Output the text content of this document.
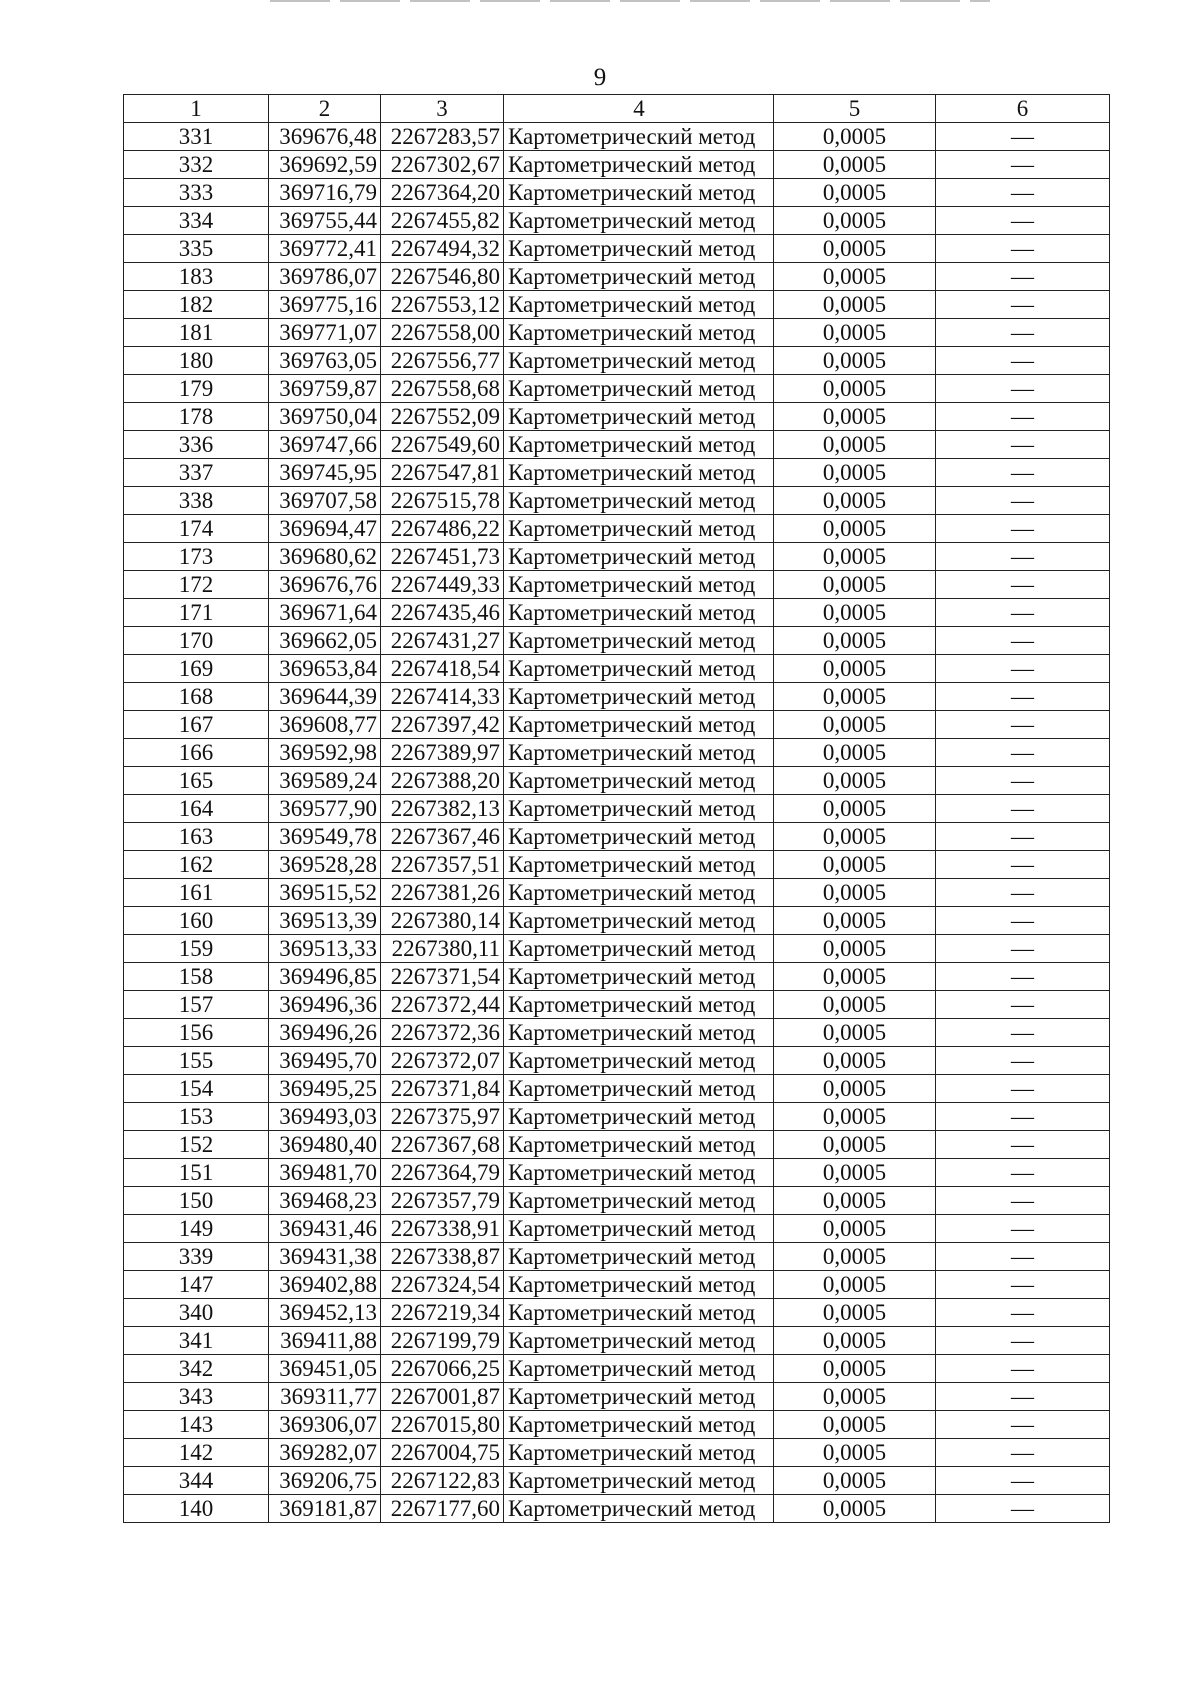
9
1	2	3	4	5	6
331	369676,48	2267283,57	Картометрический метод	0,0005	—
332	369692,59	2267302,67	Картометрический метод	0,0005	—
333	369716,79	2267364,20	Картометрический метод	0,0005	—
334	369755,44	2267455,82	Картометрический метод	0,0005	—
335	369772,41	2267494,32	Картометрический метод	0,0005	—
183	369786,07	2267546,80	Картометрический метод	0,0005	—
182	369775,16	2267553,12	Картометрический метод	0,0005	—
181	369771,07	2267558,00	Картометрический метод	0,0005	—
180	369763,05	2267556,77	Картометрический метод	0,0005	—
179	369759,87	2267558,68	Картометрический метод	0,0005	—
178	369750,04	2267552,09	Картометрический метод	0,0005	—
336	369747,66	2267549,60	Картометрический метод	0,0005	—
337	369745,95	2267547,81	Картометрический метод	0,0005	—
338	369707,58	2267515,78	Картометрический метод	0,0005	—
174	369694,47	2267486,22	Картометрический метод	0,0005	—
173	369680,62	2267451,73	Картометрический метод	0,0005	—
172	369676,76	2267449,33	Картометрический метод	0,0005	—
171	369671,64	2267435,46	Картометрический метод	0,0005	—
170	369662,05	2267431,27	Картометрический метод	0,0005	—
169	369653,84	2267418,54	Картометрический метод	0,0005	—
168	369644,39	2267414,33	Картометрический метод	0,0005	—
167	369608,77	2267397,42	Картометрический метод	0,0005	—
166	369592,98	2267389,97	Картометрический метод	0,0005	—
165	369589,24	2267388,20	Картометрический метод	0,0005	—
164	369577,90	2267382,13	Картометрический метод	0,0005	—
163	369549,78	2267367,46	Картометрический метод	0,0005	—
162	369528,28	2267357,51	Картометрический метод	0,0005	—
161	369515,52	2267381,26	Картометрический метод	0,0005	—
160	369513,39	2267380,14	Картометрический метод	0,0005	—
159	369513,33	2267380,11	Картометрический метод	0,0005	—
158	369496,85	2267371,54	Картометрический метод	0,0005	—
157	369496,36	2267372,44	Картометрический метод	0,0005	—
156	369496,26	2267372,36	Картометрический метод	0,0005	—
155	369495,70	2267372,07	Картометрический метод	0,0005	—
154	369495,25	2267371,84	Картометрический метод	0,0005	—
153	369493,03	2267375,97	Картометрический метод	0,0005	—
152	369480,40	2267367,68	Картометрический метод	0,0005	—
151	369481,70	2267364,79	Картометрический метод	0,0005	—
150	369468,23	2267357,79	Картометрический метод	0,0005	—
149	369431,46	2267338,91	Картометрический метод	0,0005	—
339	369431,38	2267338,87	Картометрический метод	0,0005	—
147	369402,88	2267324,54	Картометрический метод	0,0005	—
340	369452,13	2267219,34	Картометрический метод	0,0005	—
341	369411,88	2267199,79	Картометрический метод	0,0005	—
342	369451,05	2267066,25	Картометрический метод	0,0005	—
343	369311,77	2267001,87	Картометрический метод	0,0005	—
143	369306,07	2267015,80	Картометрический метод	0,0005	—
142	369282,07	2267004,75	Картометрический метод	0,0005	—
344	369206,75	2267122,83	Картометрический метод	0,0005	—
140	369181,87	2267177,60	Картометрический метод	0,0005	—
